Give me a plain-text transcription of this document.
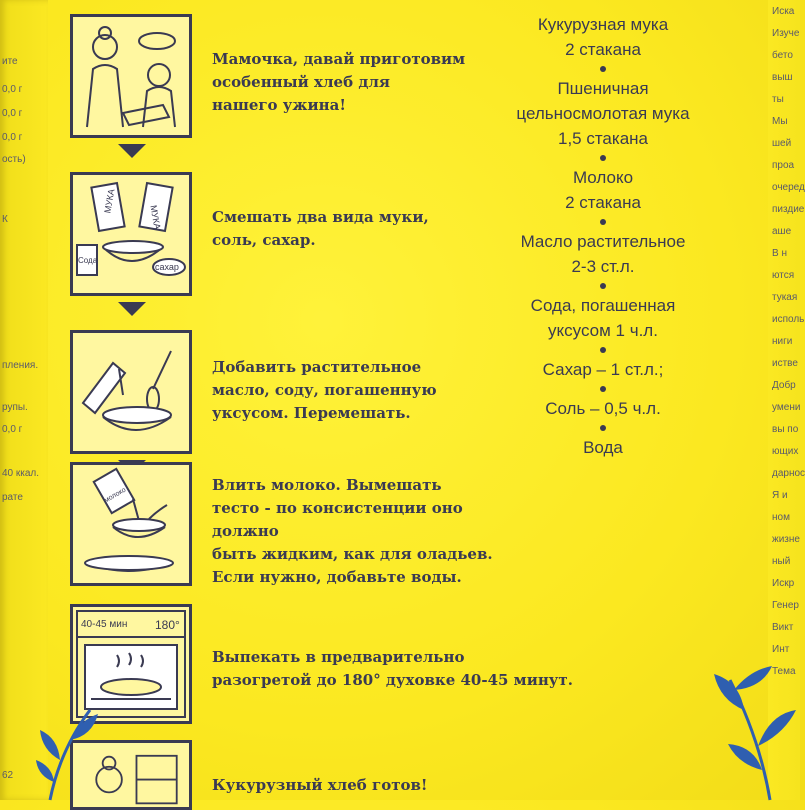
ите
0,0 г
0,0 г
0,0 г
ость)
К
пления.
рупы.
0,0 г
40 ккал.
рате
62
МУКА
МУКА
Сода
сахар
молоко
40-45 мин 180°
Мамочка, давай приготовим
особенный хлеб для
нашего ужина!
Смешать два вида муки,
соль, сахар.
Добавить растительное
масло, соду, погашенную
уксусом. Перемешать.
Влить молоко. Вымешать
тесто - по консистенции оно должно
быть жидким, как для оладьев.
Если нужно, добавьте воды.
Выпекать в предварительно
разогретой до 180° духовке 40-45 минут.
Кукурузный хлеб готов!
Кукурузная мука
2 стакана
Пшеничная
цельносмолотая мука
1,5 стакана
Молоко
2 стакана
Масло растительное
2-3 ст.л.
Сода, погашенная
уксусом 1 ч.л.
Сахар – 1 ст.л.;
Соль – 0,5 ч.л.
Вода
Иска
Изуче
бето
выш
ты
Мы
шей
проа
очеред
пиздие
аше
В н
ются
тукая
исполь
ниги
истве
Добр
умени
вы по
ющих
дарнос
Я и
ном
жизне
ный
Искр
Генер
Викт
Инт
Тема
